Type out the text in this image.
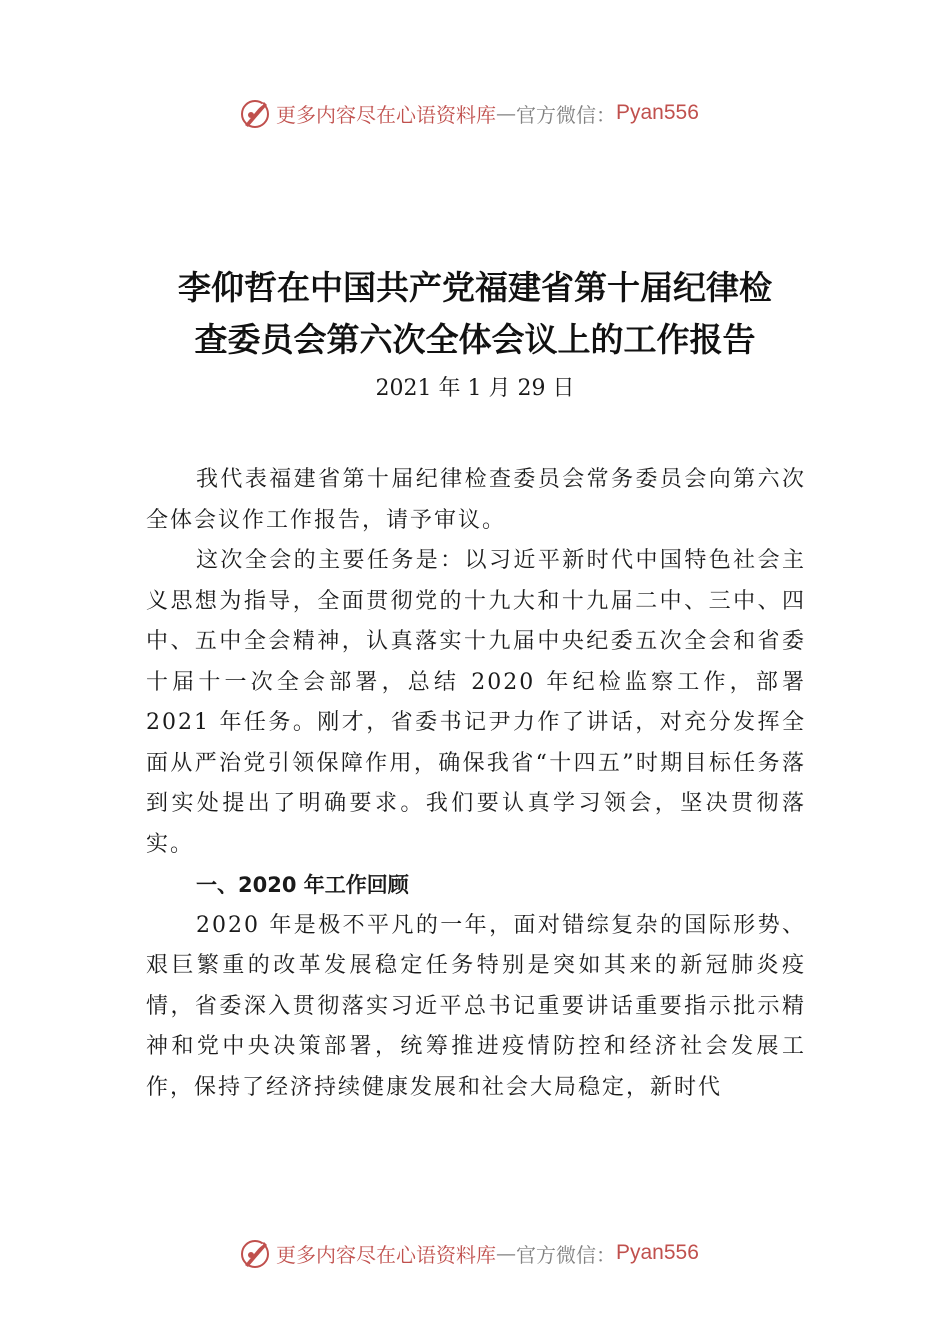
更多内容尽在心语资料库 — 官方微信： Pyan556
李仰哲在中国共产党福建省第十届纪律检
查委员会第六次全体会议上的工作报告
2021 年 1 月 29 日

我代表福建省第十届纪律检查委员会常务委员会向第六次全体会议作工作报告，请予审议。

这次全会的主要任务是：以习近平新时代中国特色社会主义思想为指导，全面贯彻党的十九大和十九届二中、三中、四中、五中全会精神，认真落实十九届中央纪委五次全会和省委十届十一次全会部署，总结 2020 年纪检监察工作，部署 2021 年任务。刚才，省委书记尹力作了讲话，对充分发挥全面从严治党引领保障作用，确保我省“十四五”时期目标任务落到实处提出了明确要求。我们要认真学习领会，坚决贯彻落实。

一、2020 年工作回顾

2020 年是极不平凡的一年，面对错综复杂的国际形势、艰巨繁重的改革发展稳定任务特别是突如其来的新冠肺炎疫情，省委深入贯彻落实习近平总书记重要讲话重要指示批示精神和党中央决策部署，统筹推进疫情防控和经济社会发展工作，保持了经济持续健康发展和社会大局稳定，新时代

更多内容尽在心语资料库 — 官方微信： Pyan556
